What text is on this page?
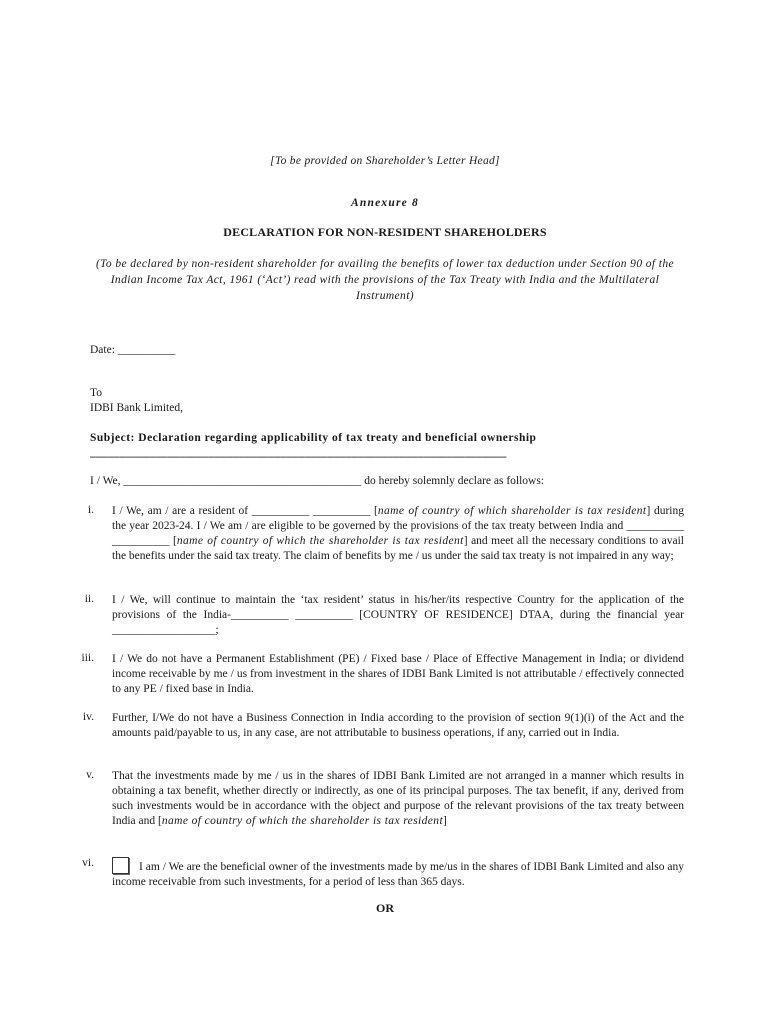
[To be provided on Shareholder’s Letter Head]
Annexure 8
DECLARATION FOR NON-RESIDENT SHAREHOLDERS
(To be declared by non-resident shareholder for availing the benefits of lower tax deduction under Section 90 of the Indian Income Tax Act, 1961 (‘Act’) read with the provisions of the Tax Treaty with India and the Multilateral Instrument)
Date: __________
To
IDBI Bank Limited,
Subject: Declaration regarding applicability of tax treaty and beneficial ownership
______________________________________________________________________
I / We, ________________________________________ do hereby solemnly declare as follows:
i. I / We, am / are a resident of __________ __________ [name of country of which shareholder is tax resident] during the year 2023-24. I / We am / are eligible to be governed by the provisions of the tax treaty between India and __________ __________ [name of country of which the shareholder is tax resident] and meet all the necessary conditions to avail the benefits under the said tax treaty. The claim of benefits by me / us under the said tax treaty is not impaired in any way;
ii. I / We, will continue to maintain the ‘tax resident’ status in his/her/its respective Country for the application of the provisions of the India-__________ __________ [COUNTRY OF RESIDENCE] DTAA, during the financial year __________________;
iii. I / We do not have a Permanent Establishment (PE) / Fixed base / Place of Effective Management in India; or dividend income receivable by me / us from investment in the shares of IDBI Bank Limited is not attributable / effectively connected to any PE / fixed base in India.
iv. Further, I/We do not have a Business Connection in India according to the provision of section 9(1)(i) of the Act and the amounts paid/payable to us, in any case, are not attributable to business operations, if any, carried out in India.
v. That the investments made by me / us in the shares of IDBI Bank Limited are not arranged in a manner which results in obtaining a tax benefit, whether directly or indirectly, as one of its principal purposes. The tax benefit, if any, derived from such investments would be in accordance with the object and purpose of the relevant provisions of the tax treaty between India and [name of country of which the shareholder is tax resident]
vi.	I am / We are the beneficial owner of the investments made by me/us in the shares of IDBI Bank Limited and also any income receivable from such investments, for a period of less than 365 days.
OR
